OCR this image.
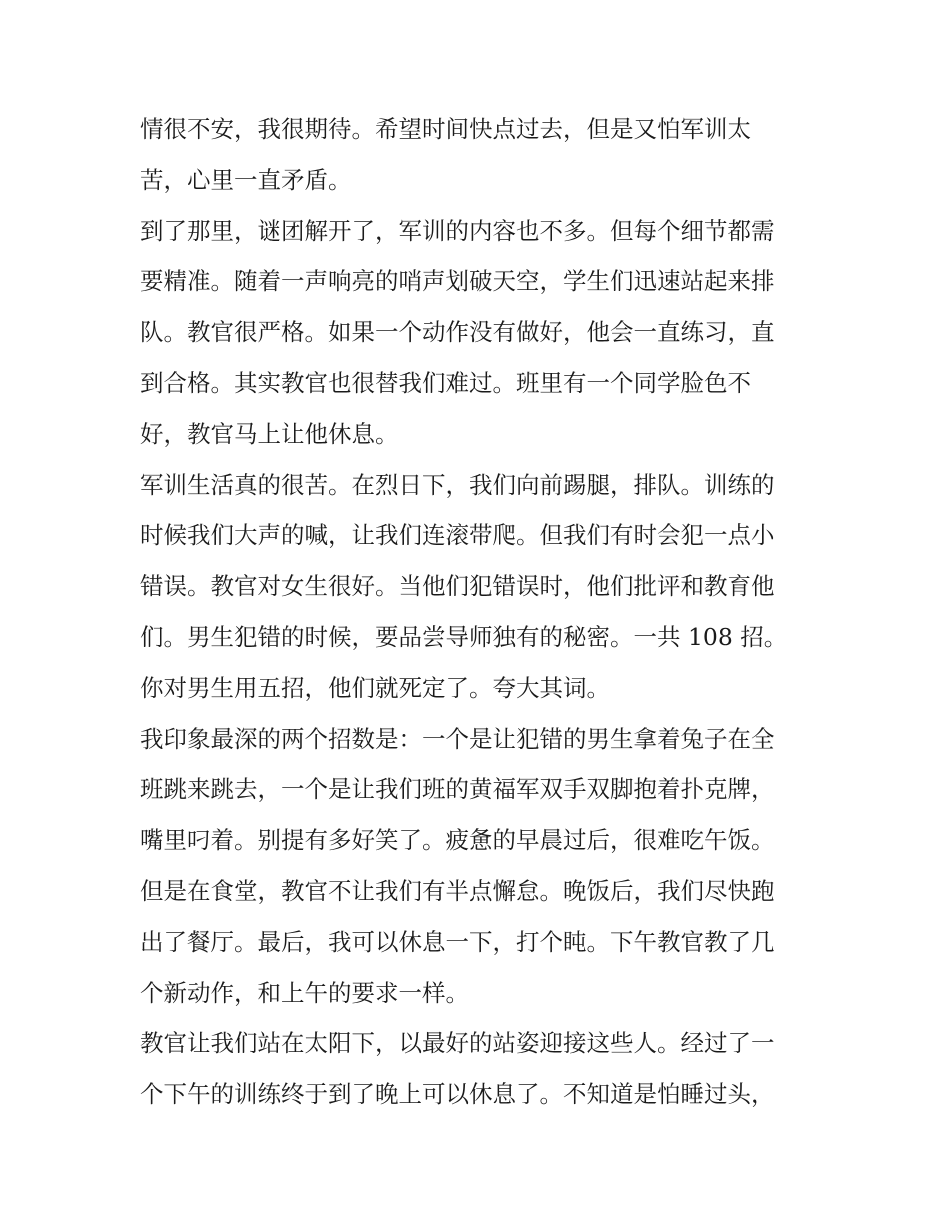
情很不安，我很期待。希望时间快点过去，但是又怕军训太
苦，心里一直矛盾。
到了那里，谜团解开了，军训的内容也不多。但每个细节都需
要精准。随着一声响亮的哨声划破天空，学生们迅速站起来排
队。教官很严格。如果一个动作没有做好，他会一直练习，直
到合格。其实教官也很替我们难过。班里有一个同学脸色不
好，教官马上让他休息。
军训生活真的很苦。在烈日下，我们向前踢腿，排队。训练的
时候我们大声的喊，让我们连滚带爬。但我们有时会犯一点小
错误。教官对女生很好。当他们犯错误时，他们批评和教育他
们。男生犯错的时候，要品尝导师独有的秘密。一共 108 招。
你对男生用五招，他们就死定了。夸大其词。
我印象最深的两个招数是：一个是让犯错的男生拿着兔子在全
班跳来跳去，一个是让我们班的黄福军双手双脚抱着扑克牌，
嘴里叼着。别提有多好笑了。疲惫的早晨过后，很难吃午饭。
但是在食堂，教官不让我们有半点懈怠。晚饭后，我们尽快跑
出了餐厅。最后，我可以休息一下，打个盹。下午教官教了几
个新动作，和上午的要求一样。
教官让我们站在太阳下，以最好的站姿迎接这些人。经过了一
个下午的训练终于到了晚上可以休息了。不知道是怕睡过头，
